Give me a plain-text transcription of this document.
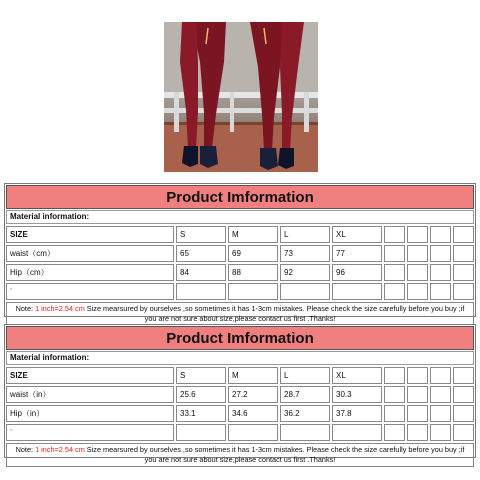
Product Imformation
Material information:
SIZE	S	M	L	XL
waist（cm）	65	69	73	77
Hip（cm）	84	88	92	96
*
Note: 1 inch=2.54 cm Size mearsured by ourselves ,so sometimes it has 1-3cm mistakes. Please check the size carefully before you buy ;if you are not sure about size,please contact us first .Thanks!
Product Imformation
Material information:
SIZE	S	M	L	XL
waist（in）	25.6	27.2	28.7	30.3
Hip（in）	33.1	34.6	36.2	37.8
*
Note: 1 inch=2.54 cm Size mearsured by ourselves ,so sometimes it has 1-3cm mistakes. Please check the size carefully before you buy ;if you are not sure about size,please contact us first .Thanks!
